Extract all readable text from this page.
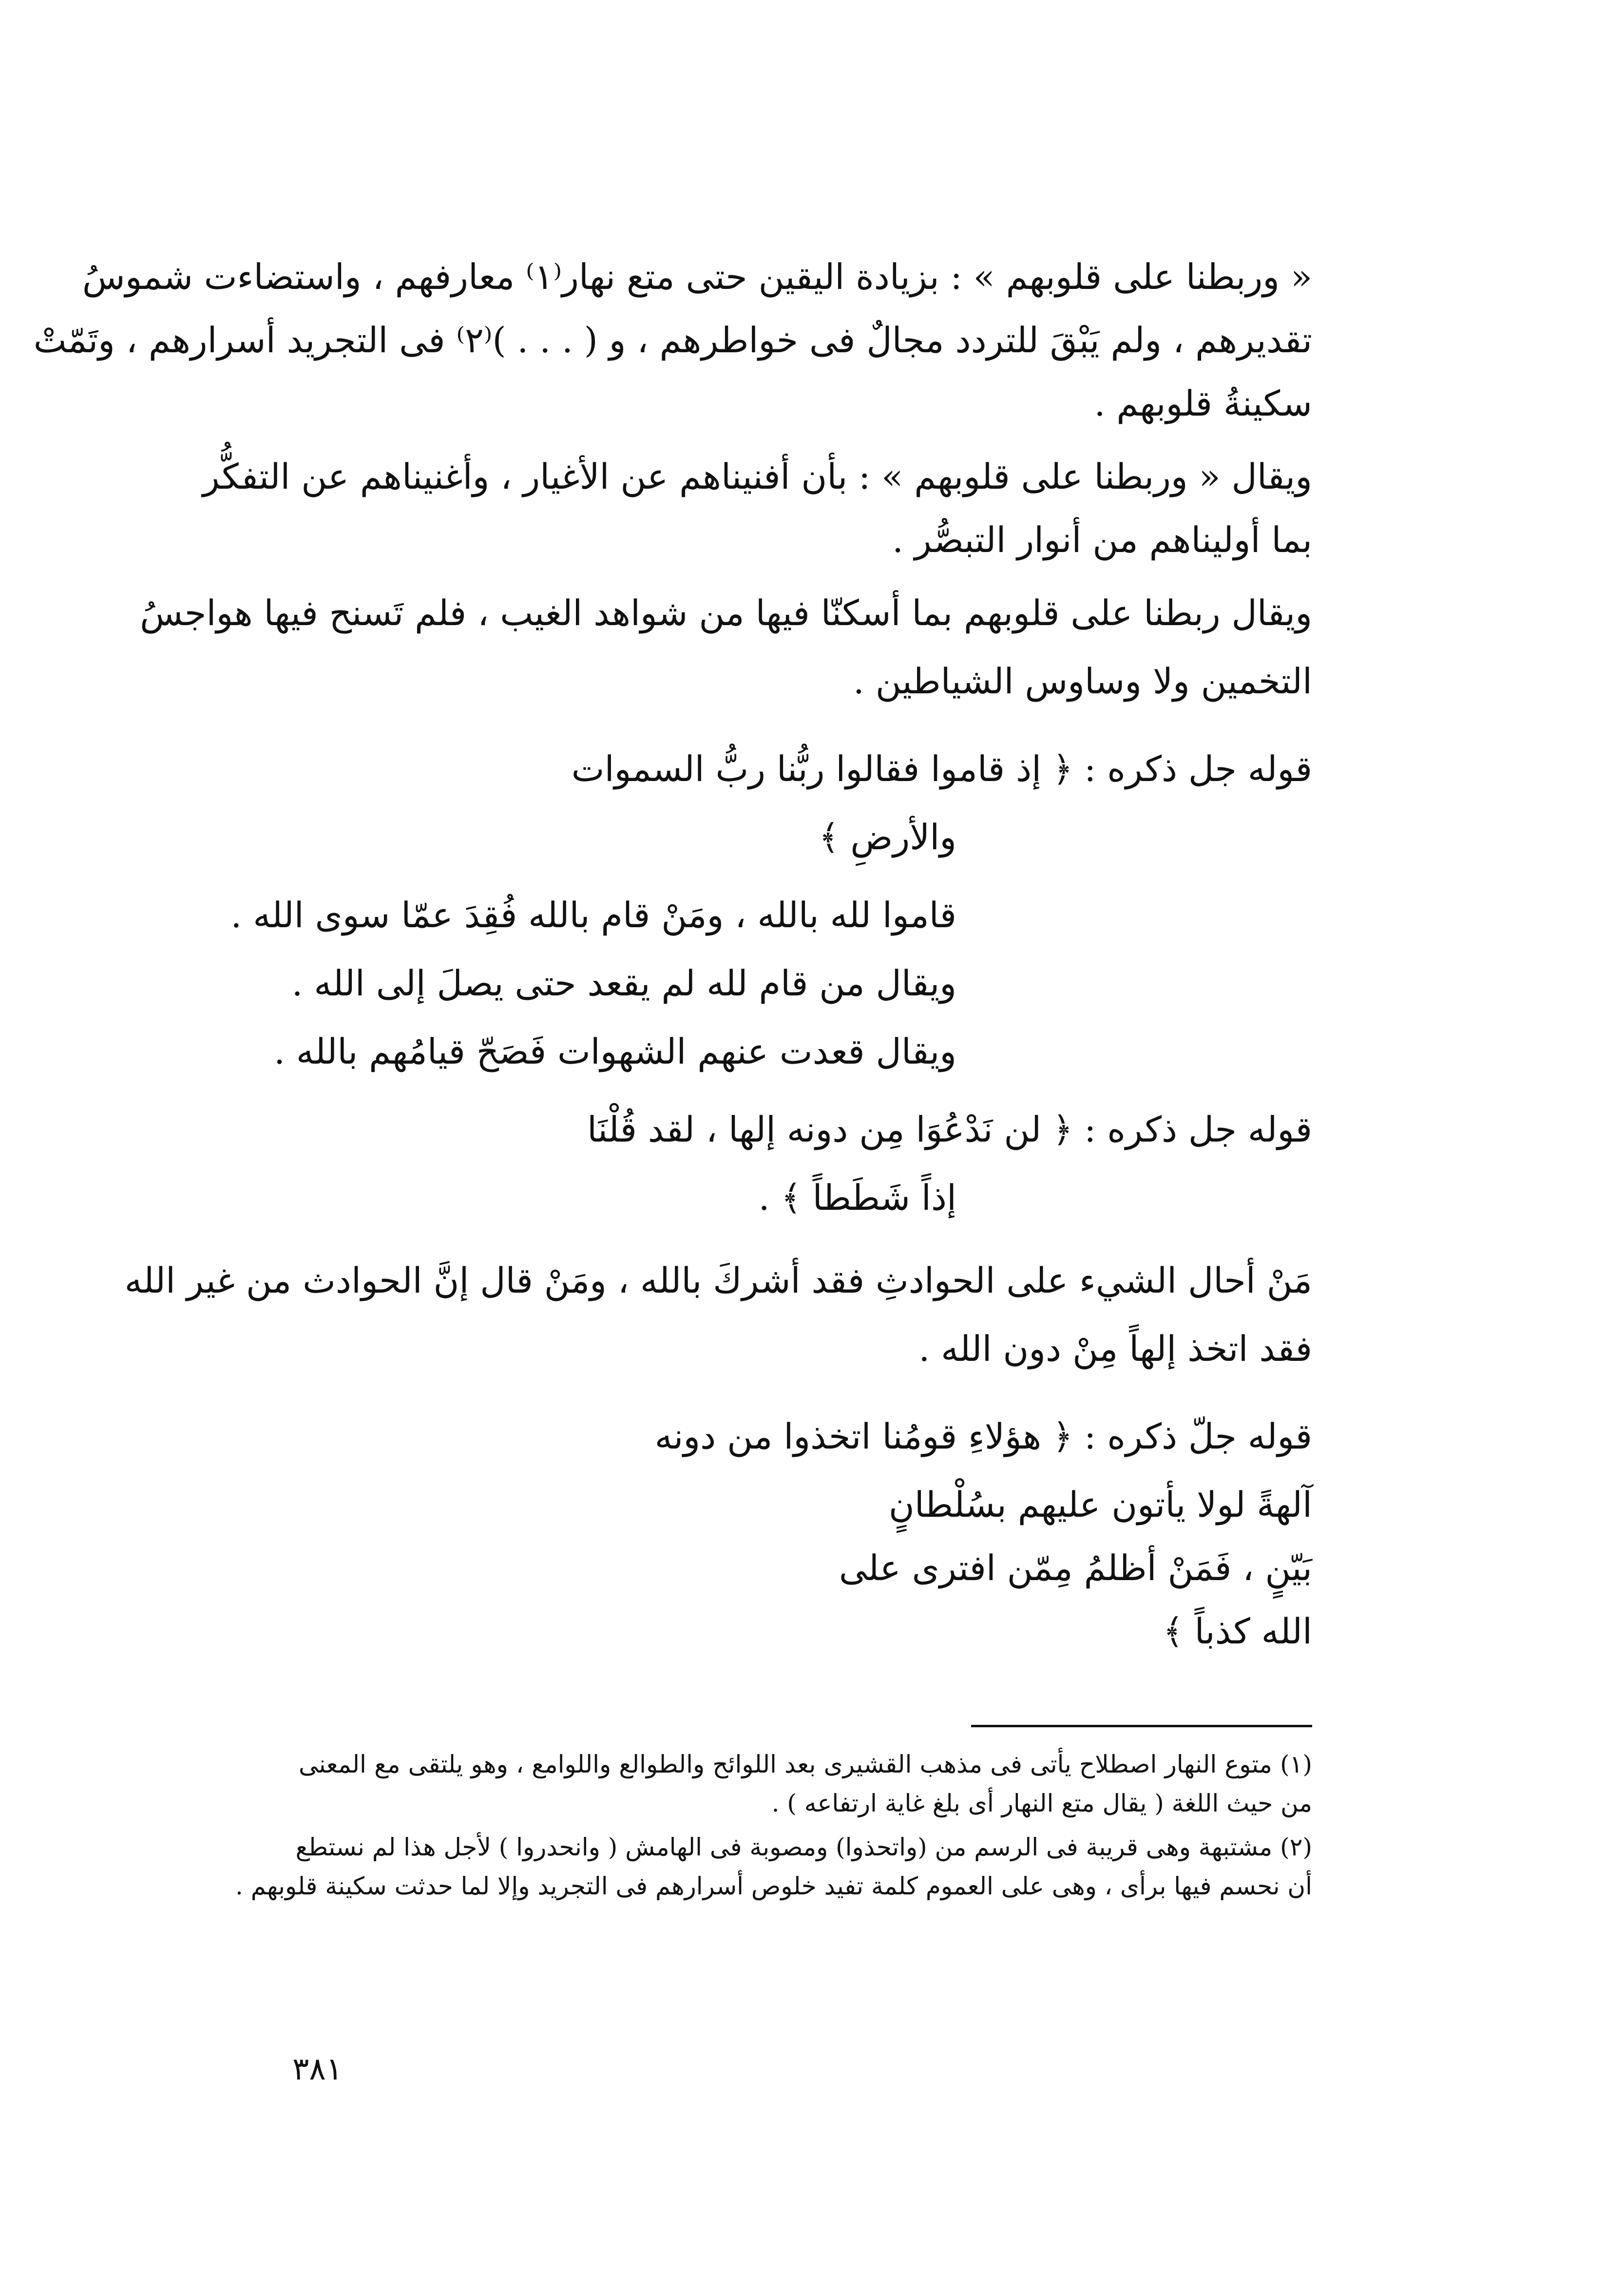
« وربطنا على قلوبهم » : بزيادة اليقين حتى متع نهار⁽١⁾ معارفهم ، واستضاءت شموسُ
تقديرهم ، ولم يَبْقَ للتردد مجالٌ فى خواطرهم ، و ( . . . )⁽٢⁾ فى التجريد أسرارهم ، وتَمّتْ
سكينةُ قلوبهم .
ويقال « وربطنا على قلوبهم » : بأن أفنيناهم عن الأغيار ، وأغنيناهم عن التفكُّر
بما أوليناهم من أنوار التبصُّر .
ويقال ربطنا على قلوبهم بما أسكنّا فيها من شواهد الغيب ، فلم تَسنح فيها هواجسُ
التخمين ولا وساوس الشياطين .
قوله جل ذكره : ﴿ إذ قاموا فقالوا ربُّنا ربُّ السموات
والأرضِ ﴾
قاموا لله بالله ، ومَنْ قام بالله فُقِدَ عمّا سوى الله .
ويقال من قام لله لم يقعد حتى يصلَ إلى الله .
ويقال قعدت عنهم الشهوات فَصَحّ قيامُهم بالله .
قوله جل ذكره : ﴿ لن نَدْعُوَا مِن دونه إلها ، لقد قُلْنَا
إذاً شَطَطاً ﴾ .
مَنْ أحال الشيء على الحوادثِ فقد أشركَ بالله ، ومَنْ قال إنَّ الحوادث من غير الله
فقد اتخذ إلهاً مِنْ دون الله .
قوله جلّ ذكره : ﴿ هؤلاءِ قومُنا اتخذوا من دونه
آلهةً لولا يأتون عليهم بسُلْطانٍ
بَيّنٍ ، فَمَنْ أظلمُ مِمّن افترى على
الله كذباً ﴾
(١) متوع النهار اصطلاح يأتى فى مذهب القشيرى بعد اللوائح والطوالع واللوامع ، وهو يلتقى مع المعنى
من حيث اللغة ( يقال متع النهار أى بلغ غاية ارتفاعه ) .
(٢) مشتبهة وهى قريبة فى الرسم من (واتحذوا) ومصوبة فى الهامش ( وانحدروا ) لأجل هذا لم نستطع
أن نحسم فيها برأى ، وهى على العموم كلمة تفيد خلوص أسرارهم فى التجريد وإلا لما حدثت سكينة قلوبهم .
٣٨١
